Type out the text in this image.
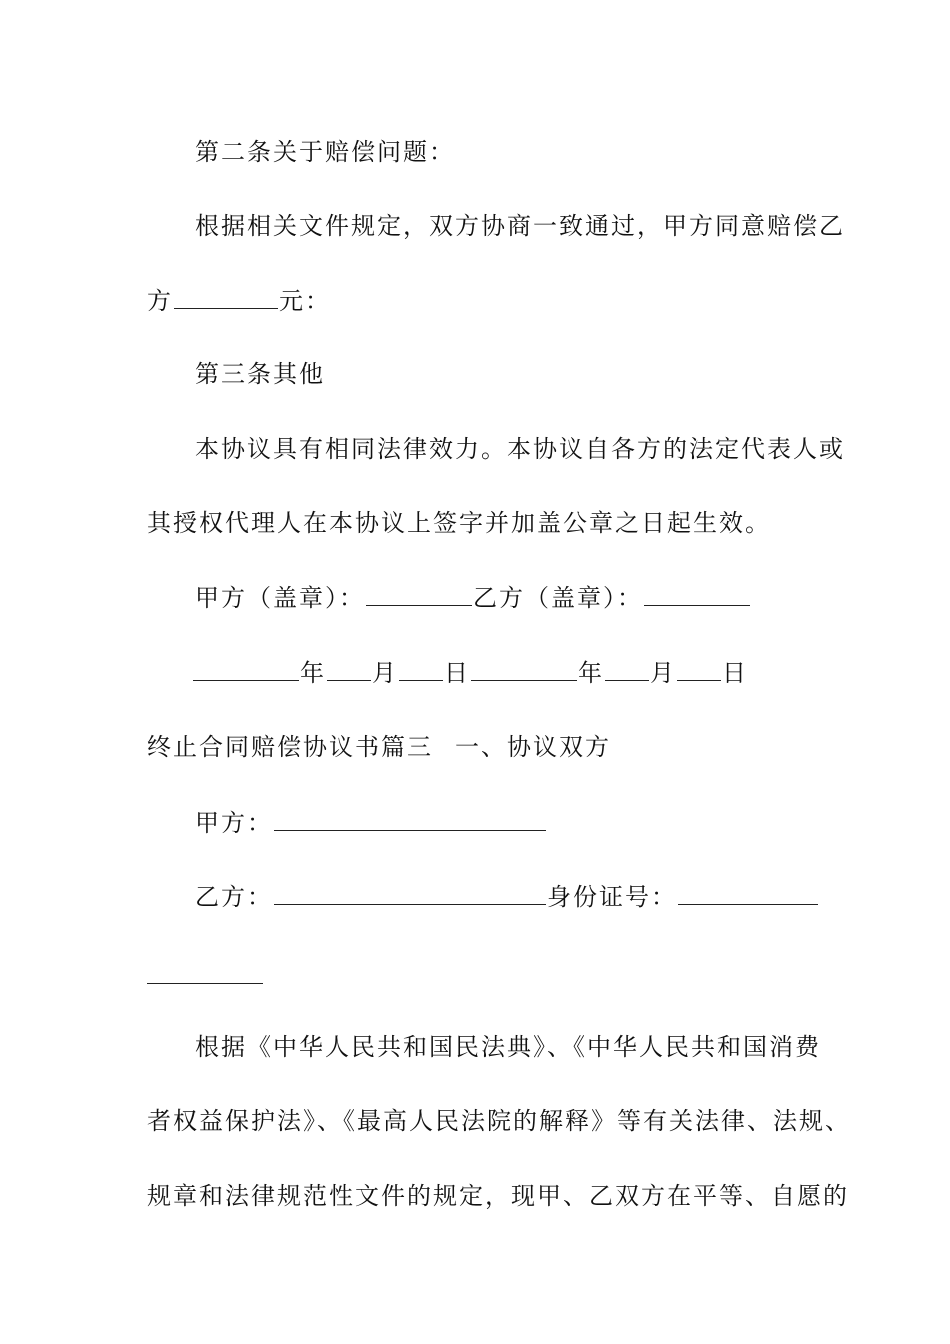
第二条关于赔偿问题：
根据相关文件规定，双方协商一致通过，甲方同意赔偿乙
方	元：
第三条其他
本协议具有相同法律效力。本协议自各方的法定代表人或
其授权代理人在本协议上签字并加盖公章之日起生效。
甲方（盖章）：	乙方（盖章）：
年 月 日	年 月 日
终止合同赔偿协议书篇三 一、协议双方
甲方：
乙方：	身份证号：
根据《中华人民共和国民法典》、《中华人民共和国消费
者权益保护法》、《最高人民法院的解释》等有关法律、法规、
规章和法律规范性文件的规定，现甲、乙双方在平等、自愿的
